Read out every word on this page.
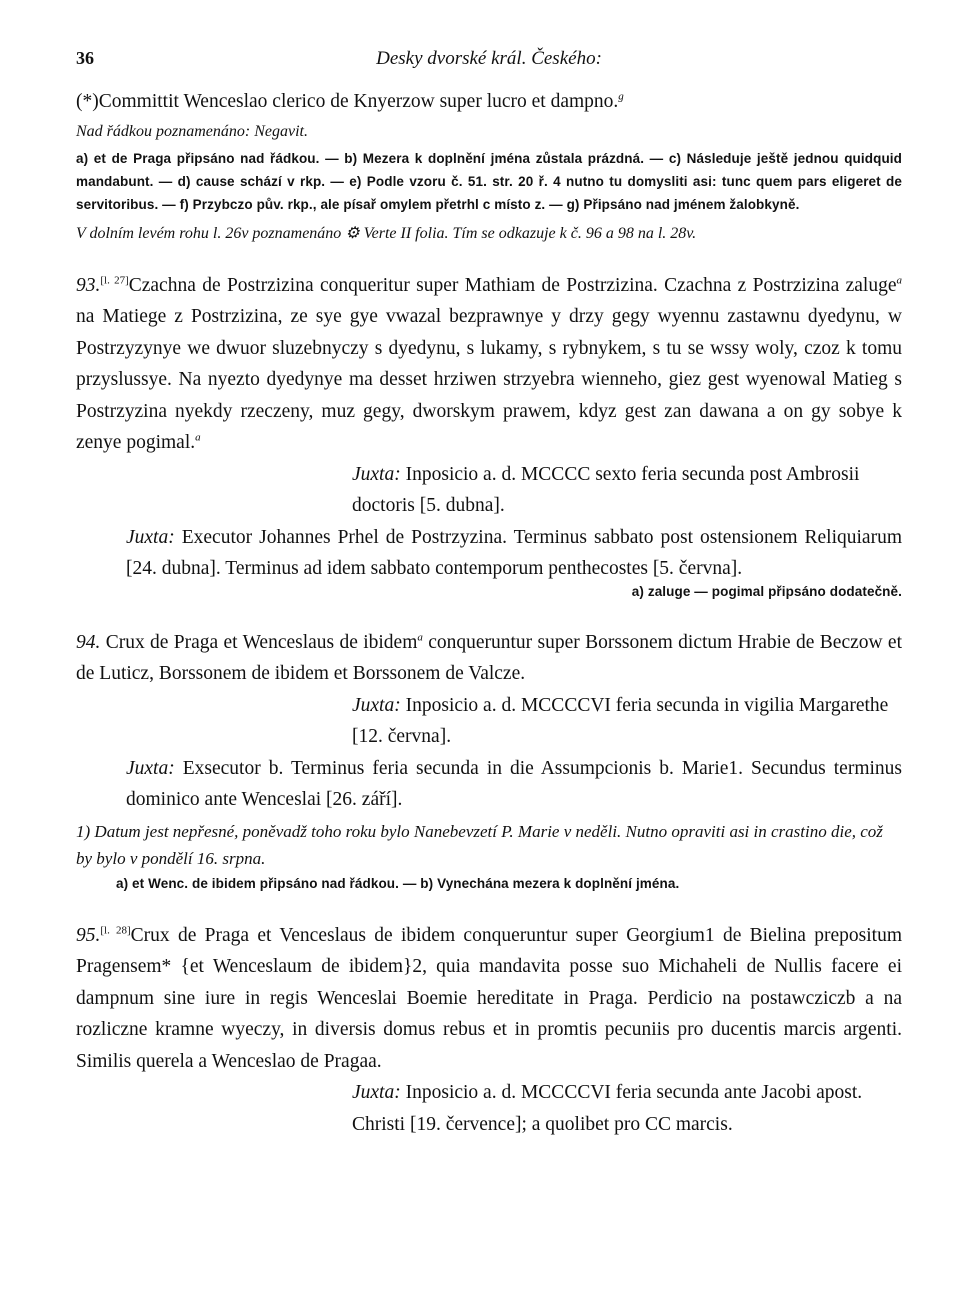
36	Desky dvorské král. Českého:

(*)Committit Wenceslao clerico de Knyerzow super lucro et dampno.$^g$

Nad řádkou poznamenáno: Negavit.

a) et de Praga připsáno nad řádkou. — b) Mezera k doplnění jména zůstala prázdná. — c) Následuje ještě jednou quidquid mandabunt. — d) cause schází v rkp. — e) Podle vzoru č. 51. str. 20 ř. 4 nutno tu domysliti asi: tunc quem pars eligeret de servitoribus. — f) Przybczo pův. rkp., ale písař omylem přetrhl c místo z. — g) Připsáno nad jménem žalobkyně.

V dolním levém rohu l. 26v poznamenáno ⚙ Verte II folia. Tím se odkazuje k č. 96 a 98 na l. 28v.

93.[l. 27]Czachna de Postrzizina conqueritur super Mathiam de Postrzizina. Czachna z Postrzizina zaluge$^a$ na Matiege z Postrzizina, ze sye gye vwazal bezprawnye y drzy gegy wyennu zastawnu dyedynu, w Postrzyzynye we dwuor sluzebnyczy s dyedynu, s lukamy, s rybnykem, s tu se wssy woly, czoz k tomu przyslussye. Na nyezto dyedynye ma desset hrziwen strzyebra wienneho, giez gest wyenowal Matieg s Postrzyzina nyekdy rzeczeny, muz gegy, dworskym prawem, kdyz gest zan dawana a on gy sobye k zenye pogimal.$^a$

Juxta: Inposicio a. d. MCCCC sexto feria secunda post Ambrosii doctoris [5. dubna].

Juxta: Executor Johannes Prhel de Postrzyzina. Terminus sabbato post ostensionem Reliquiarum [24. dubna]. Terminus ad idem sabbato contemporum penthecostes [5. června].

a) zaluge — pogimal připsáno dodatečně.

94. Crux de Praga et Wenceslaus de ibidem$^a$ conqueruntur super Borssonem dictum Hrabie de Beczow et de Luticz, Borssonem de ibidem et Borssonem de Valcze.

Juxta: Inposicio a. d. MCCCCVI feria secunda in vigilia Margarethe [12. června].

Juxta: Exsecutor b. Terminus feria secunda in die Assumpcionis b. Marie1. Secundus terminus dominico ante Wenceslai [26. září].

1) Datum jest nepřesné, poněvadž toho roku bylo Nanebevzetí P. Marie v neděli. Nutno opraviti asi in crastino die, což by bylo v pondělí 16. srpna.

a) et Wenc. de ibidem připsáno nad řádkou. — b) Vynechána mezera k doplnění jména.

95.[l. 28]Crux de Praga et Venceslaus de ibidem conqueruntur super Georgium1 de Bielina prepositum Pragensem* {et Wenceslaum de ibidem}2, quia mandavita posse suo Michaheli de Nullis facere ei dampnum sine iure in regis Wenceslai Boemie hereditate in Praga. Perdicio na postawcziczb a na rozliczne kramne wyeczy, in diversis domus rebus et in promtis pecuniis pro ducentis marcis argenti. Similis querela a Wenceslao de Pragaa.

Juxta: Inposicio a. d. MCCCCVI feria secunda ante Jacobi apost. Christi [19. července]; a quolibet pro CC marcis.
